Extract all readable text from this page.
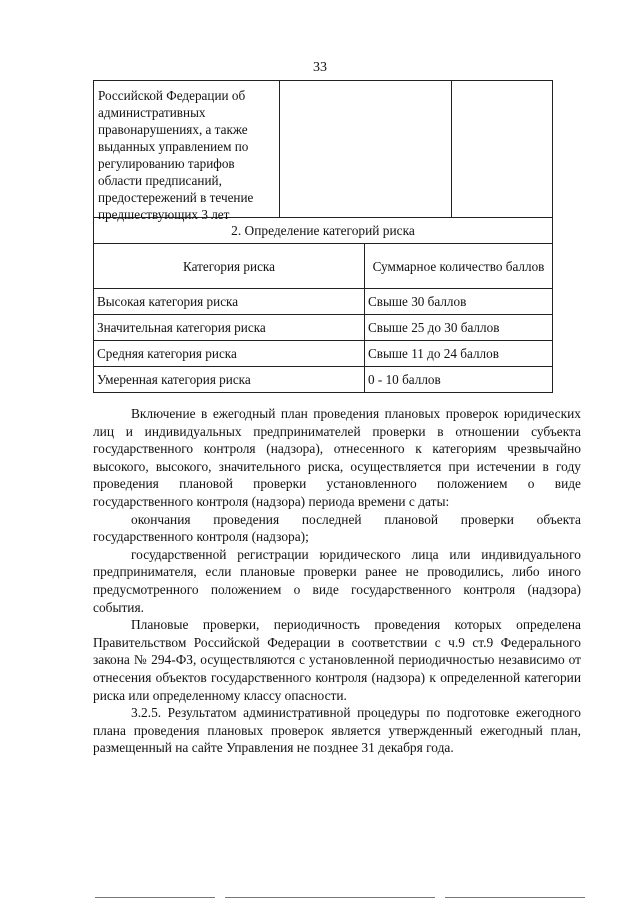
33
Российской Федерации об административных правонарушениях, а также выданных управлением по регулированию тарифов области предписаний, предостережений в течение предшествующих 3 лет
2. Определение категорий риска
Категория риска	Суммарное количество баллов
Высокая категория риска	Свыше 30 баллов
Значительная категория риска	Свыше 25 до 30 баллов
Средняя категория риска	Свыше 11 до 24 баллов
Умеренная категория риска	0 - 10 баллов

Включение в ежегодный план проведения плановых проверок юридических лиц и индивидуальных предпринимателей проверки в отношении субъекта государственного контроля (надзора), отнесенного к категориям чрезвычайно высокого, высокого, значительного риска, осуществляется при истечении в году проведения плановой проверки установленного положением о виде государственного контроля (надзора) периода времени с даты:

окончания проведения последней плановой проверки объекта государственного контроля (надзора);

государственной регистрации юридического лица или индивидуального предпринимателя, если плановые проверки ранее не проводились, либо иного предусмотренного положением о виде государственного контроля (надзора) события.

Плановые проверки, периодичность проведения которых определена Правительством Российской Федерации в соответствии с ч.9 ст.9 Федерального закона № 294-ФЗ, осуществляются с установленной периодичностью независимо от отнесения объектов государственного контроля (надзора) к определенной категории риска или определенному классу опасности.

3.2.5. Результатом административной процедуры по подготовке ежегодного плана проведения плановых проверок является утвержденный ежегодный план, размещенный на сайте Управления не позднее 31 декабря года.
